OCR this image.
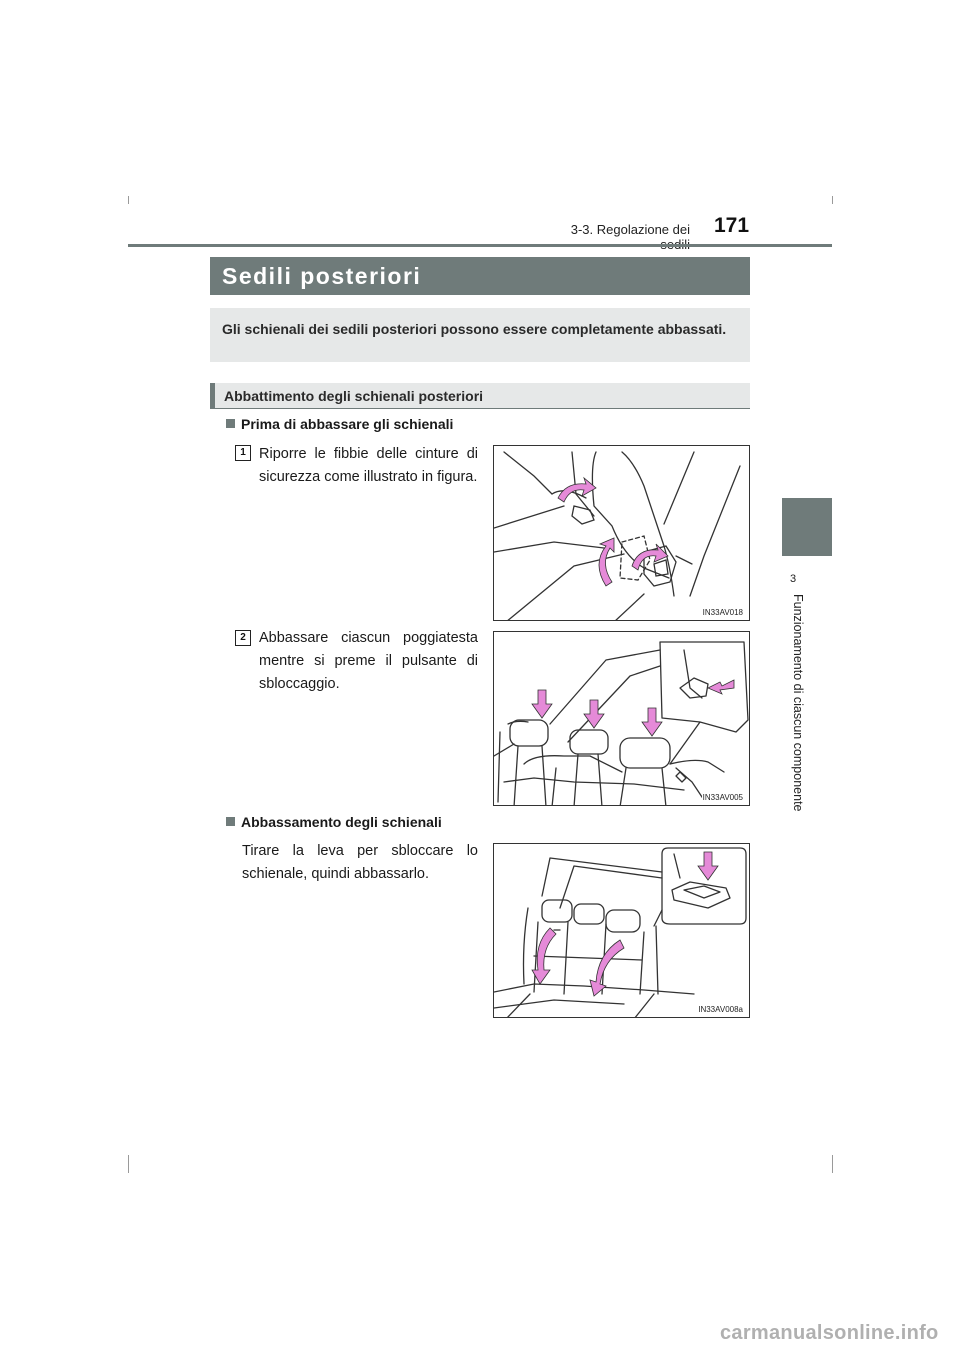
3-3. Regolazione dei 171
3
Funzionamento di ciascun componente
Sedili posteriori

Gli schienali dei sedili posteriori possono essere completamente abbassati.

Abbattimento degli schienali posteriori
Prima di abbassare gli schienali
1 Riporre le fibbie delle cinture di sicurezza come illustrato in figura.

IN33AV018
2 Abbassare ciascun poggiatesta mentre si preme il pulsante di sbloccaggio.

IN33AV005
Abbassamento degli schienali

Tirare la leva per sbloccare lo schienale, quindi abbassarlo.

IN33AV008a
carmanualsonline.info
